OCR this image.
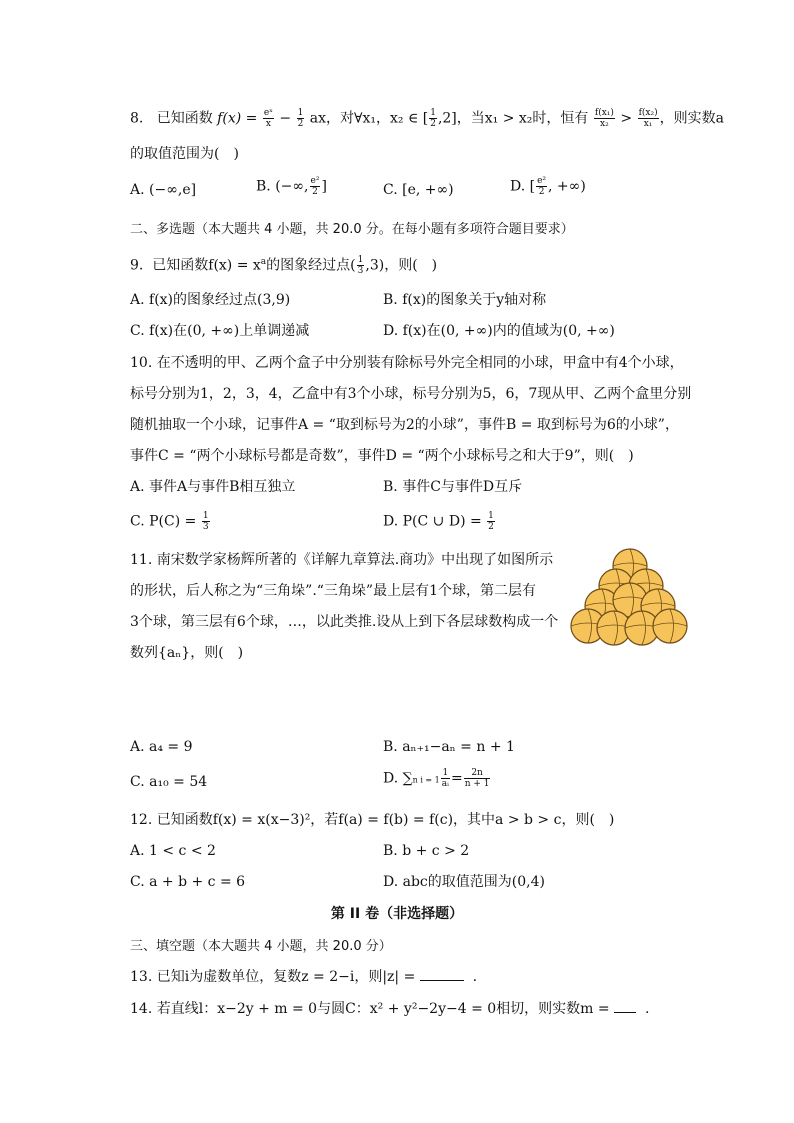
8. 已知函数 $f(x) = \frac{\text{eˣ}}{x} - \frac{1}{2}$ ax，对∀x₁，x₂ ∈ [ $\frac{1}{2} ,2$]，当x₁ > x₂时，恒有 $\frac{\text{f(x₁)}}{\text{x₂}} > \frac{\text{f(x₂)}}{\text{x₁}}$ ，则实数a
的取值范围为(　)
A. (−∞,e]	B. (−∞, $\frac{\text{e²}}{2}$ ]	C. [e, +∞)	D. [ $\frac{\text{e²}}{2}$ , +∞)
二、多选题（本大题共 4 小题，共 20.0 分。在每小题有多项符合题目要求）
9. 已知函数$f(x) = x^a$的图象经过点( $\frac{1}{3} ,3$)，则(　)
A. f(x)的图象经过点(3,9)	B. f(x)的图象关于y轴对称
C. f(x)在(0, +∞)上单调递减	D. f(x)在(0, +∞)内的值域为(0, +∞)
10. 在不透明的甲、乙两个盒子中分别装有除标号外完全相同的小球，甲盒中有4个小球，
标号分别为1，2，3，4，乙盒中有3个小球，标号分别为5，6，7现从甲、乙两个盒里分别
随机抽取一个小球，记事件A = “取到标号为2的小球”，事件B = 取到标号为6的小球”，
事件C = “两个小球标号都是奇数”，事件D = “两个小球标号之和大于9”，则(　)
A. 事件A与事件B相互独立	B. 事件C与事件D互斥
C. $P(C) = \frac{1}{3}$	D. P(C ∪ $D) = \frac{1}{2}$
11. 南宋数学家杨辉所著的《详解九章算法.商功》中出现了如图所示
的形状，后人称之为“三角垛”.“三角垛”最上层有1个球，第二层有
3个球，第三层有6个球，…，以此类推.设从上到下各层球数构成一个
数列{aₙ}，则(　)
A. a₄ = 9	B. aₙ₊₁−aₙ = n + 1
C. a₁₀ = 54	D. ∑n $i = 1 \frac{1}{\text{aᵢ}} = \frac{2n}{n + 1}$
12. 已知函数f(x) = x(x−3)²，若f(a) = f(b) = f(c)，其中a > b > c，则(　)
A. 1 < c < 2	B. b + c > 2
C. a + b + c = 6	D. abc的取值范围为(0,4)
第 II 卷（非选择题）
三、填空题（本大题共 4 小题，共 20.0 分）
13. 已知i为虚数单位，复数z = 2−i，则|z| =	.
14. 若直线l：x−2y + m = 0与圆C：x² + y²−2y−4 = 0相切，则实数m =	.
